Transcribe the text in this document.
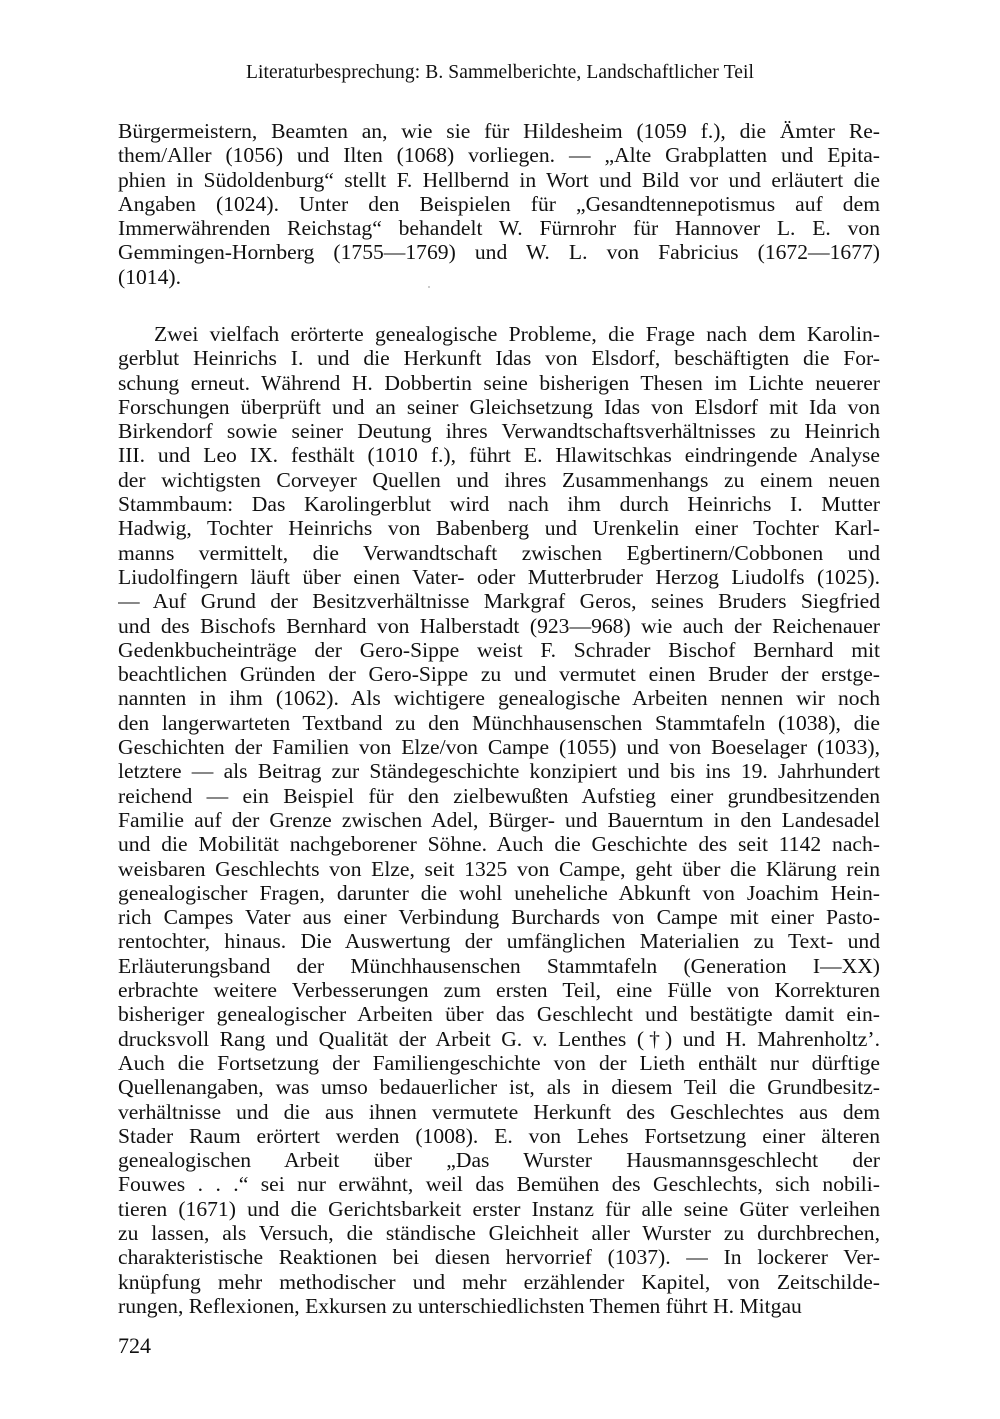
Literaturbesprechung: B. Sammelberichte, Landschaftlicher Teil
Bürgermeistern, Beamten an, wie sie für Hildesheim (1059 f.), die Ämter Re-
them/Aller (1056) und Ilten (1068) vorliegen. — „Alte Grabplatten und Epita-
phien in Südoldenburg“ stellt F. Hellbernd in Wort und Bild vor und erläutert die
Angaben (1024). Unter den Beispielen für „Gesandtennepotismus auf dem
Immerwährenden Reichstag“ behandelt W. Fürnrohr für Hannover L. E. von
Gemmingen-Hornberg (1755—1769) und W. L. von Fabricius (1672—1677)
(1014).
Zwei vielfach erörterte genealogische Probleme, die Frage nach dem Karolin-
gerblut Heinrichs I. und die Herkunft Idas von Elsdorf, beschäftigten die For-
schung erneut. Während H. Dobbertin seine bisherigen Thesen im Lichte neuerer
Forschungen überprüft und an seiner Gleichsetzung Idas von Elsdorf mit Ida von
Birkendorf sowie seiner Deutung ihres Verwandtschaftsverhältnisses zu Heinrich
III. und Leo IX. festhält (1010 f.), führt E. Hlawitschkas eindringende Analyse
der wichtigsten Corveyer Quellen und ihres Zusammenhangs zu einem neuen
Stammbaum: Das Karolingerblut wird nach ihm durch Heinrichs I. Mutter
Hadwig, Tochter Heinrichs von Babenberg und Urenkelin einer Tochter Karl-
manns vermittelt, die Verwandtschaft zwischen Egbertinern/Cobbonen und
Liudolfingern läuft über einen Vater- oder Mutterbruder Herzog Liudolfs (1025).
— Auf Grund der Besitzverhältnisse Markgraf Geros, seines Bruders Siegfried
und des Bischofs Bernhard von Halberstadt (923—968) wie auch der Reichenauer
Gedenkbucheinträge der Gero-Sippe weist F. Schrader Bischof Bernhard mit
beachtlichen Gründen der Gero-Sippe zu und vermutet einen Bruder der erstge-
nannten in ihm (1062). Als wichtigere genealogische Arbeiten nennen wir noch
den langerwarteten Textband zu den Münchhausenschen Stammtafeln (1038), die
Geschichten der Familien von Elze/von Campe (1055) und von Boeselager (1033),
letztere — als Beitrag zur Ständegeschichte konzipiert und bis ins 19. Jahrhundert
reichend — ein Beispiel für den zielbewußten Aufstieg einer grundbesitzenden
Familie auf der Grenze zwischen Adel, Bürger- und Bauerntum in den Landesadel
und die Mobilität nachgeborener Söhne. Auch die Geschichte des seit 1142 nach-
weisbaren Geschlechts von Elze, seit 1325 von Campe, geht über die Klärung rein
genealogischer Fragen, darunter die wohl uneheliche Abkunft von Joachim Hein-
rich Campes Vater aus einer Verbindung Burchards von Campe mit einer Pasto-
rentochter, hinaus. Die Auswertung der umfänglichen Materialien zu Text- und
Erläuterungsband der Münchhausenschen Stammtafeln (Generation I—XX)
erbrachte weitere Verbesserungen zum ersten Teil, eine Fülle von Korrekturen
bisheriger genealogischer Arbeiten über das Geschlecht und bestätigte damit ein-
drucksvoll Rang und Qualität der Arbeit G. v. Lenthes (†) und H. Mahrenholtz’.
Auch die Fortsetzung der Familiengeschichte von der Lieth enthält nur dürftige
Quellenangaben, was umso bedauerlicher ist, als in diesem Teil die Grundbesitz-
verhältnisse und die aus ihnen vermutete Herkunft des Geschlechtes aus dem
Stader Raum erörtert werden (1008). E. von Lehes Fortsetzung einer älteren
genealogischen Arbeit über „Das Wurster Hausmannsgeschlecht der
Fouwes . . .“ sei nur erwähnt, weil das Bemühen des Geschlechts, sich nobili-
tieren (1671) und die Gerichtsbarkeit erster Instanz für alle seine Güter verleihen
zu lassen, als Versuch, die ständische Gleichheit aller Wurster zu durchbrechen,
charakteristische Reaktionen bei diesen hervorrief (1037). — In lockerer Ver-
knüpfung mehr methodischer und mehr erzählender Kapitel, von Zeitschilde-
rungen, Reflexionen, Exkursen zu unterschiedlichsten Themen führt H. Mitgau
724
